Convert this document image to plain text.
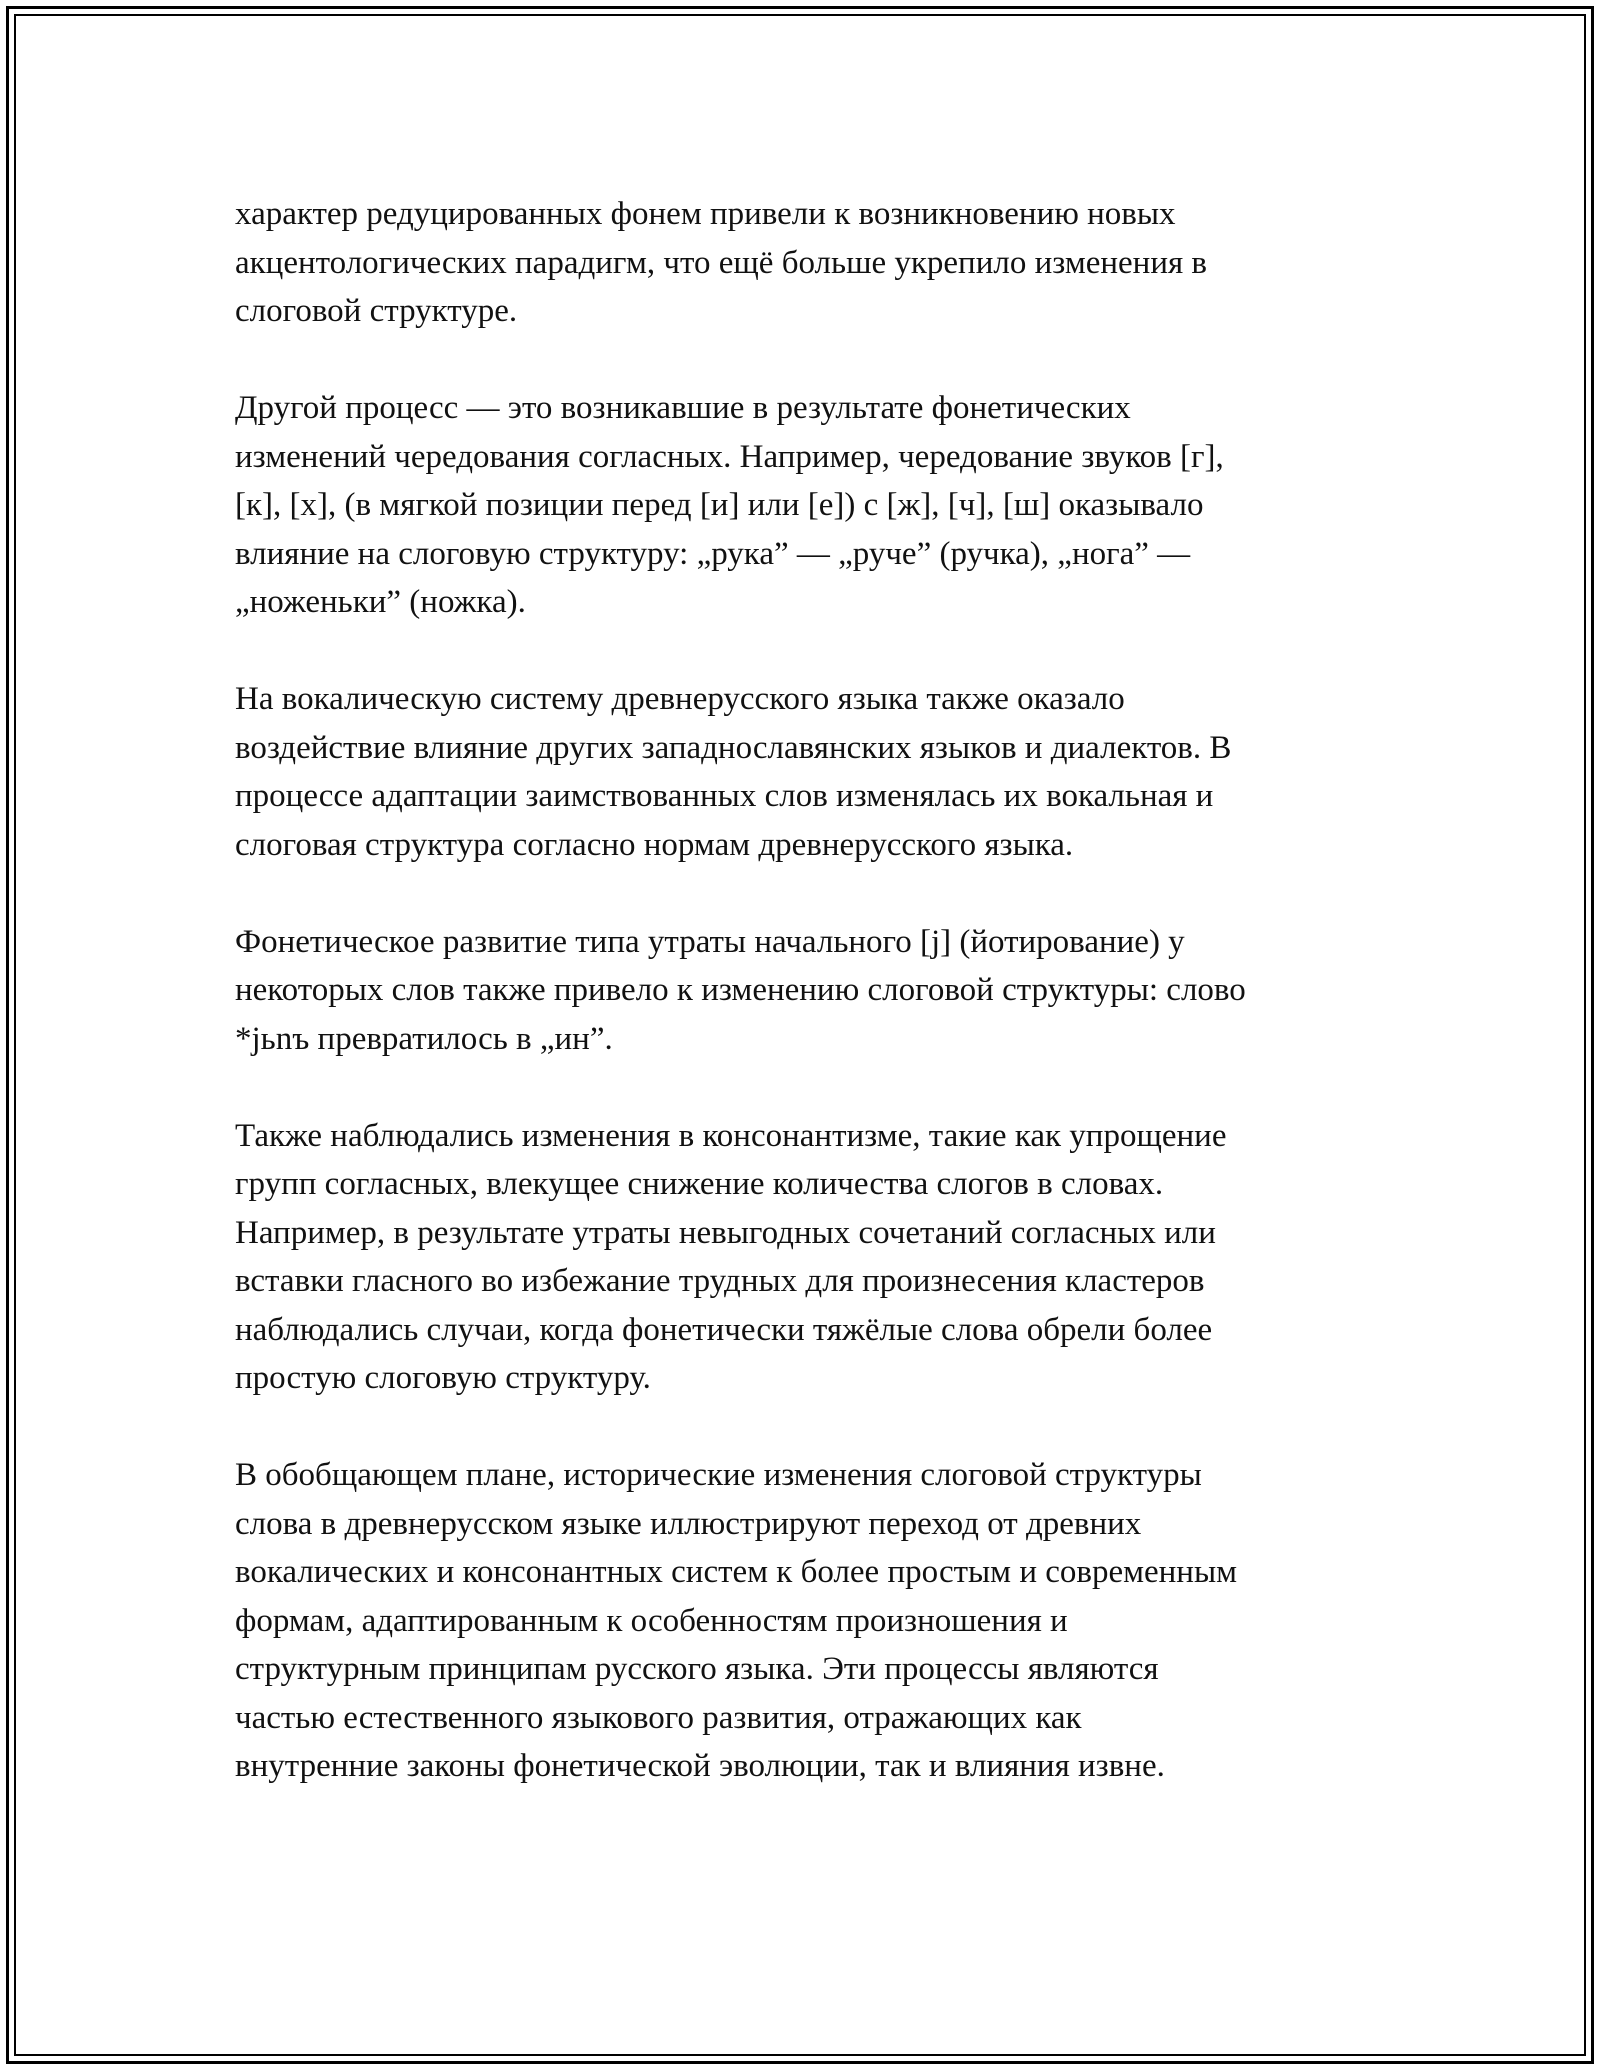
характер редуцированных фонем привели к возникновению новых
акцентологических парадигм, что ещё больше укрепило изменения в
слоговой структуре.

Другой процесс — это возникавшие в результате фонетических
изменений чередования согласных. Например, чередование звуков [г],
[к], [х], (в мягкой позиции перед [и] или [е]) с [ж], [ч], [ш] оказывало
влияние на слоговую структуру: „рука” — „руче” (ручка), „нога” —
„ноженьки” (ножка).

На вокалическую систему древнерусского языка также оказало
воздействие влияние других западнославянских языков и диалектов. В
процессе адаптации заимствованных слов изменялась их вокальная и
слоговая структура согласно нормам древнерусского языка.

Фонетическое развитие типа утраты начального [j] (йотирование) у
некоторых слов также привело к изменению слоговой структуры: слово
*jьnъ превратилось в „ин”.

Также наблюдались изменения в консонантизме, такие как упрощение
групп согласных, влекущее снижение количества слогов в словах.
Например, в результате утраты невыгодных сочетаний согласных или
вставки гласного во избежание трудных для произнесения кластеров
наблюдались случаи, когда фонетически тяжёлые слова обрели более
простую слоговую структуру.

В обобщающем плане, исторические изменения слоговой структуры
слова в древнерусском языке иллюстрируют переход от древних
вокалических и консонантных систем к более простым и современным
формам, адаптированным к особенностям произношения и
структурным принципам русского языка. Эти процессы являются
частью естественного языкового развития, отражающих как
внутренние законы фонетической эволюции, так и влияния извне.
